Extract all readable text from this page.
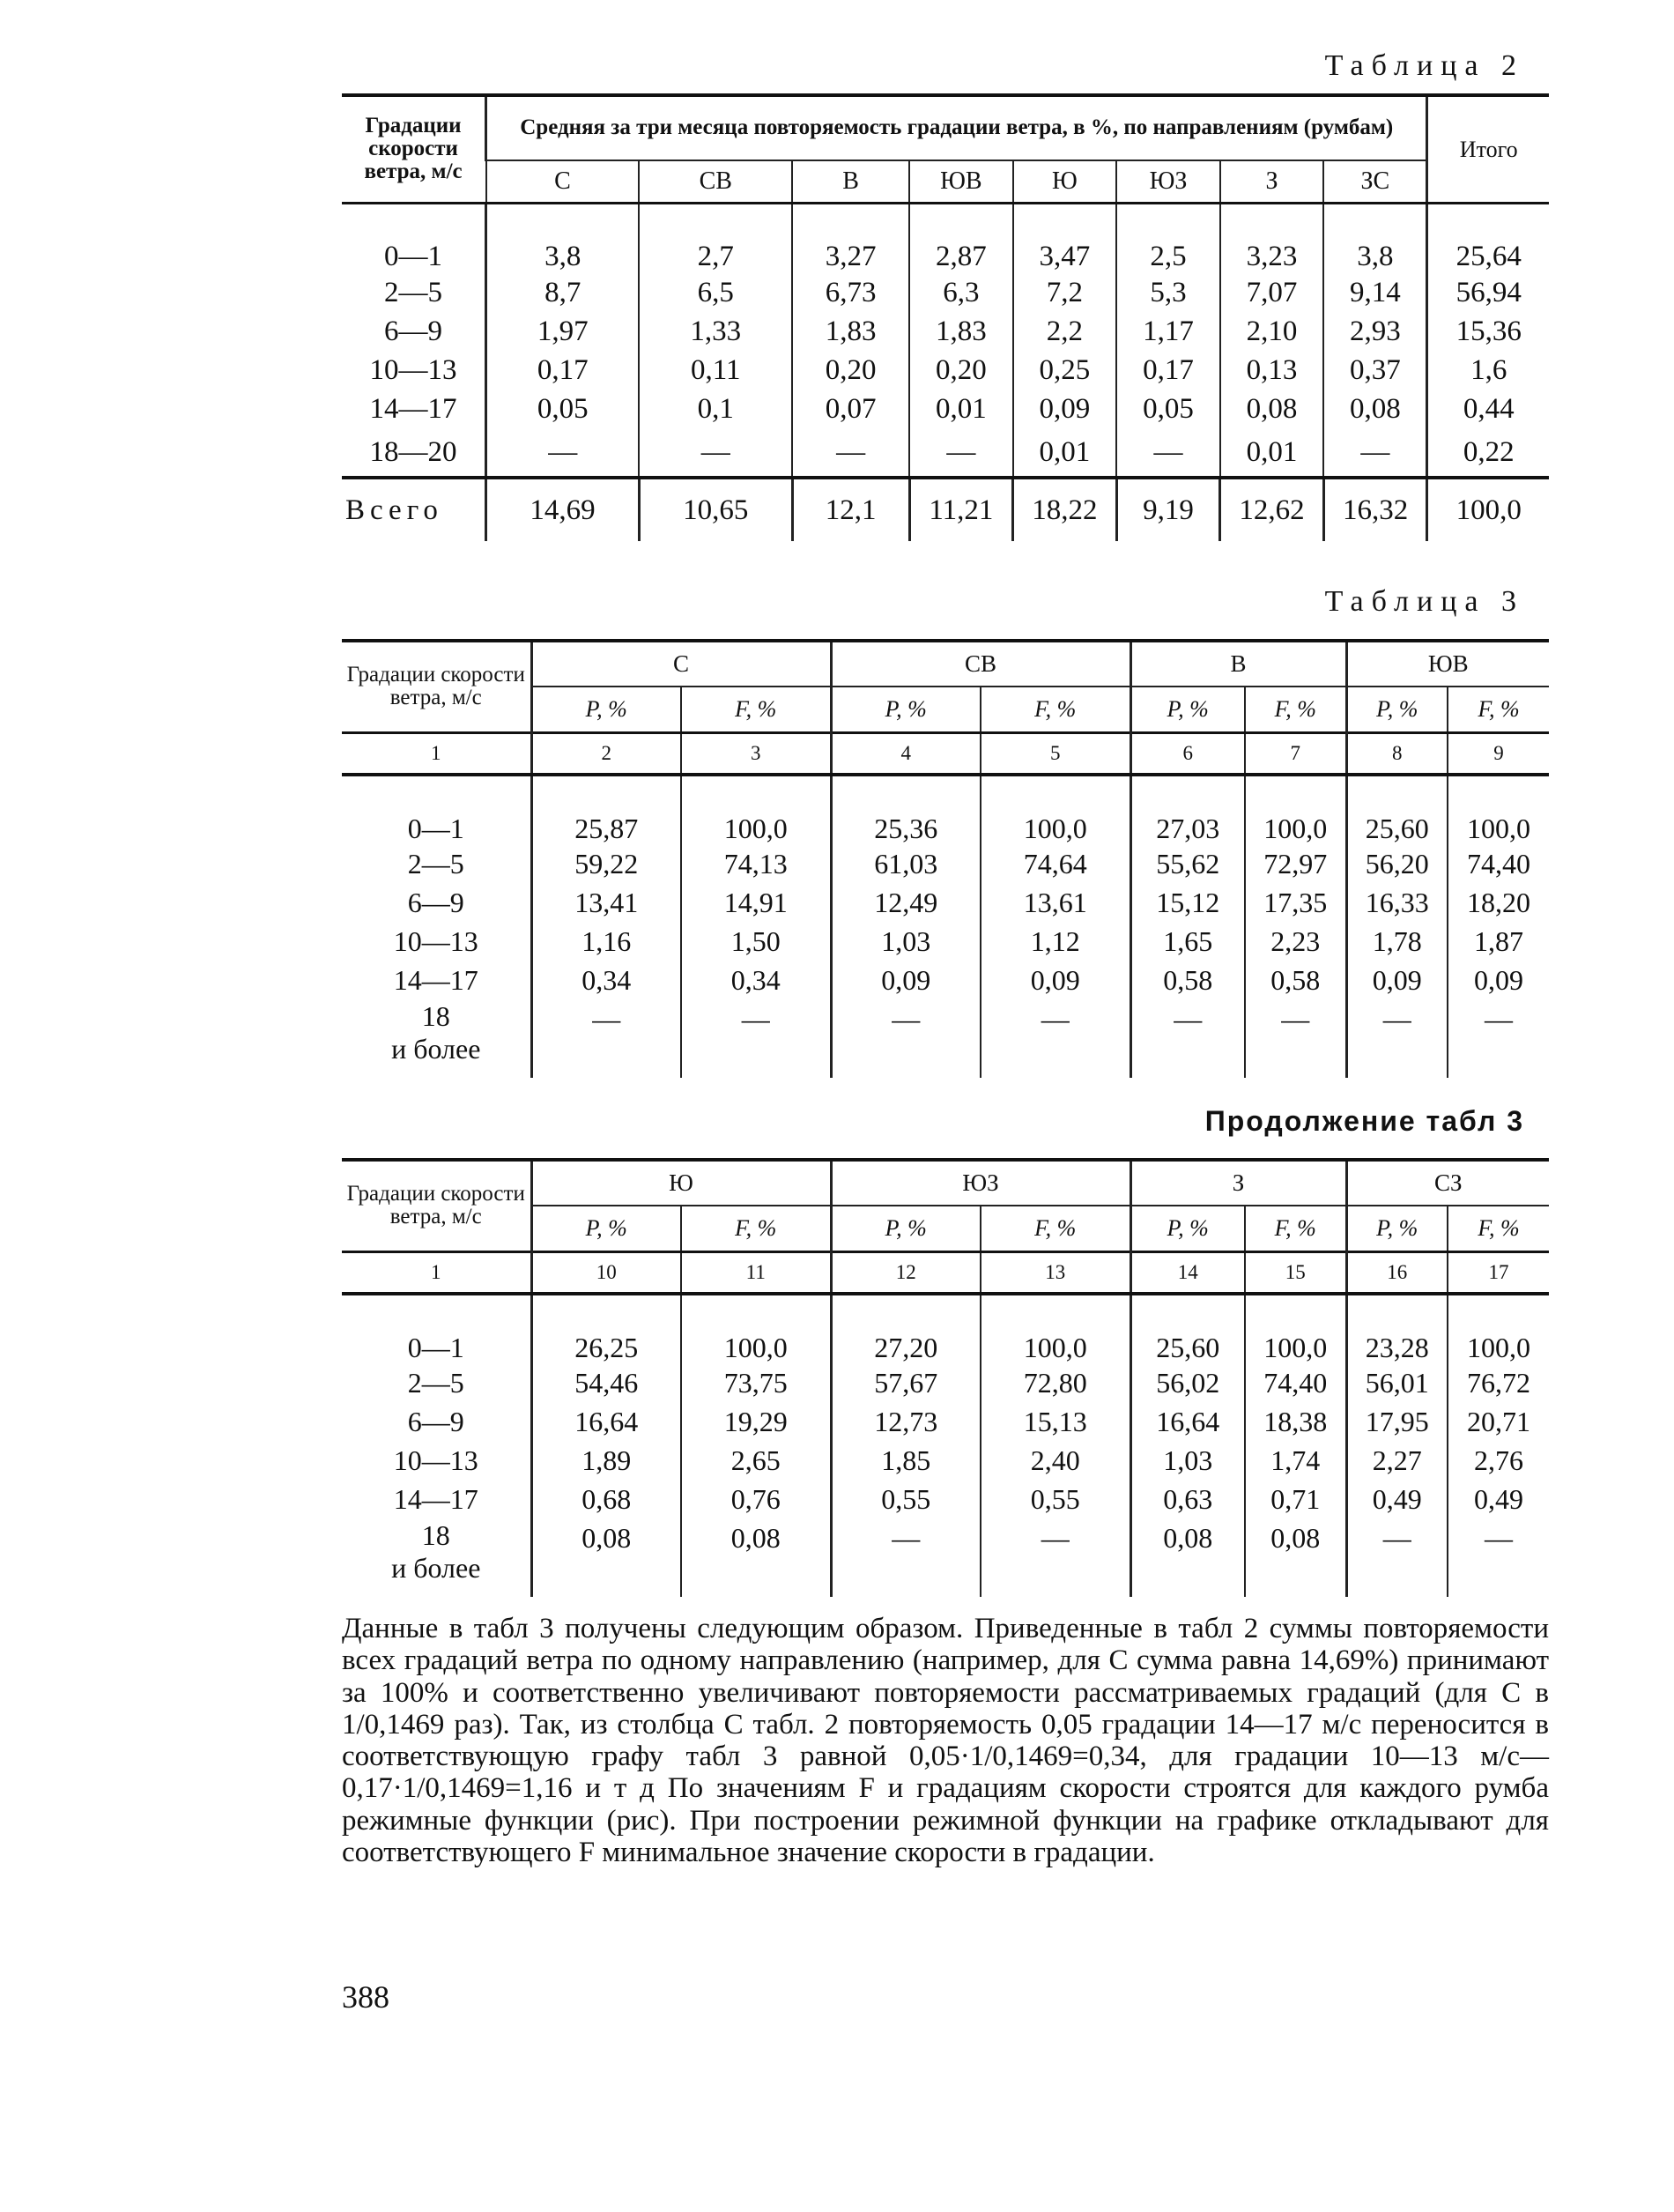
Таблица 2
Градации скорости ветра, м/с	Средняя за три месяца повторяемость градации ветра, в %, по направлениям (румбам)								Итого
	С	СВ	В	ЮВ	Ю	ЮЗ	З	ЗС	
0—1	3,8	2,7	3,27	2,87	3,47	2,5	3,23	3,8	25,64
2—5	8,7	6,5	6,73	6,3	7,2	5,3	7,07	9,14	56,94
6—9	1,97	1,33	1,83	1,83	2,2	1,17	2,10	2,93	15,36
10—13	0,17	0,11	0,20	0,20	0,25	0,17	0,13	0,37	1,6
14—17	0,05	0,1	0,07	0,01	0,09	0,05	0,08	0,08	0,44
18—20	—	—	—	—	0,01	—	0,01	—	0,22
Всего	14,69	10,65	12,1	11,21	18,22	9,19	12,62	16,32	100,0
Таблица 3
Градации скорости ветра, м/с	С		СВ		В		ЮВ	
	P, %	F, %	P, %	F, %	P, %	F, %	P, %	F, %
1	2	3	4	5	6	7	8	9
0—1	25,87	100,0	25,36	100,0	27,03	100,0	25,60	100,0
2—5	59,22	74,13	61,03	74,64	55,62	72,97	56,20	74,40
6—9	13,41	14,91	12,49	13,61	15,12	17,35	16,33	18,20
10—13	1,16	1,50	1,03	1,12	1,65	2,23	1,78	1,87
14—17	0,34	0,34	0,09	0,09	0,58	0,58	0,09	0,09

18
и более	—	—	—	—	—	—	—	—
Продолжение табл 3
Градации скорости ветра, м/с	Ю		ЮЗ		З		СЗ	
	P, %	F, %	P, %	F, %	P, %	F, %	P, %	F, %
1	10	11	12	13	14	15	16	17
0—1	26,25	100,0	27,20	100,0	25,60	100,0	23,28	100,0
2—5	54,46	73,75	57,67	72,80	56,02	74,40	56,01	76,72
6—9	16,64	19,29	12,73	15,13	16,64	18,38	17,95	20,71
10—13	1,89	2,65	1,85	2,40	1,03	1,74	2,27	2,76
14—17	0,68	0,76	0,55	0,55	0,63	0,71	0,49	0,49

18
и более	0,08	0,08	—	—	0,08	0,08	—	—
Данные в табл 3 получены следующим образом. Приведенные в табл 2 суммы повторяемости всех градаций ветра по одному направлению (например, для С сумма равна 14,69%) принимают за 100% и соответственно увеличивают повторяемости рассматриваемых градаций (для С в 1/0,1469 раз). Так, из столбца С табл. 2 повторяемость 0,05 градации 14—17 м/с переносится в соответствующую графу табл 3 равной 0,05·1/0,1469=0,34, для градации 10—13 м/с—0,17·1/0,1469=1,16 и т д По значениям F и градациям скорости строятся для каждого румба режимные функции (рис). При построении режимной функции на графике откладывают для соответствующего F минимальное значение скорости в градации.
388
